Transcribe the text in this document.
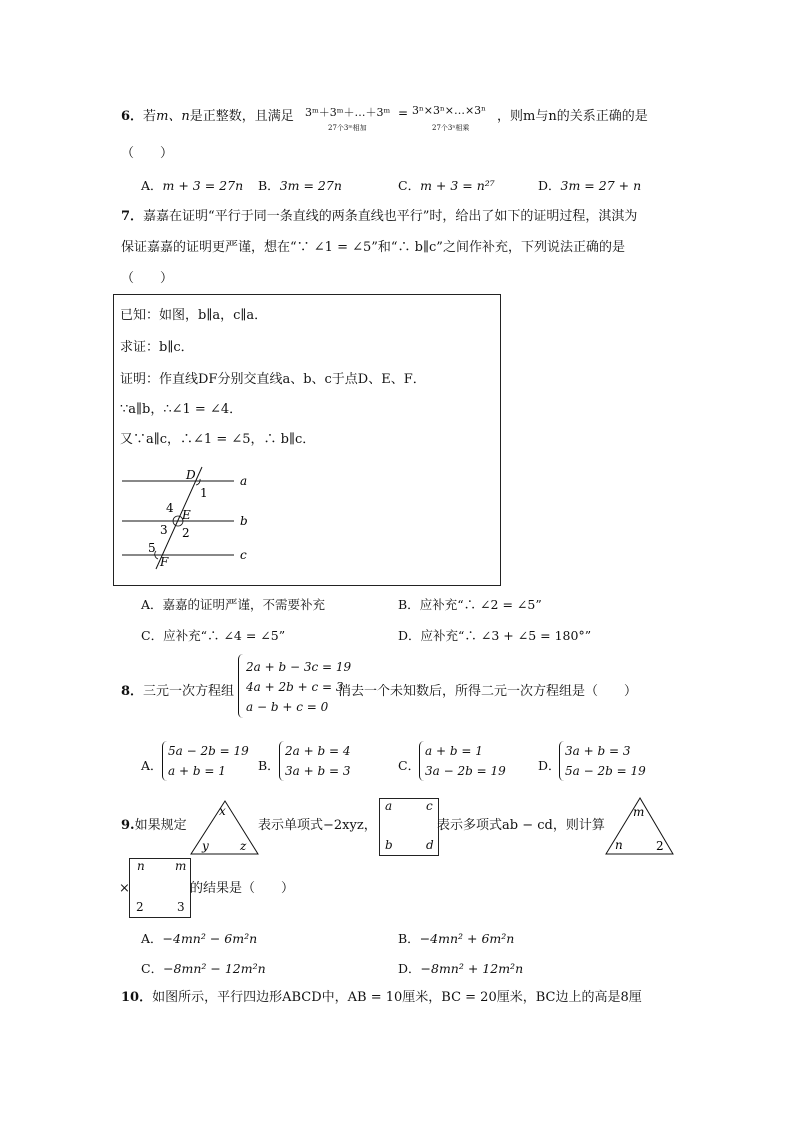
6．若m、n是正整数，且满足 3ᵐ＋3ᵐ＋…＋3ᵐ
27个3ᵐ相加
= 3ⁿ×3ⁿ×…×3ⁿ
27个3ⁿ相乘
，则m与n的关系正确的是
（　　）
A．m + 3 = 27n B．3m = 27n	C．m + 3 = n²⁷	D．3m = 27 + n
7．嘉嘉在证明“平行于同一条直线的两条直线也平行”时，给出了如下的证明过程，淇淇为
保证嘉嘉的证明更严谨，想在“∵ ∠1 = ∠5”和“∴ b∥c”之间作补充，下列说法正确的是
（　　）
已知：如图，b∥a，c∥a．
求证：b∥c．
证明：作直线DF分别交直线a、b、c于点D、E、F．
∵a∥b，∴∠1 = ∠4．
又∵a∥c，∴∠1 = ∠5，∴ b∥c．
D
E
F
a
b
c
1
2
3
4
5
A．嘉嘉的证明严谨，不需要补充	B．应补充“∴ ∠2 = ∠5”
C．应补充“∴ ∠4 = ∠5”	D．应补充“∴ ∠3 + ∠5 = 180°”
8．三元一次方程组
2a + b − 3c = 19
4a + 2b + c = 3
a − b + c = 0
消去一个未知数后，所得二元一次方程组是（　　）
A．
5a − 2b = 19
a + b = 1	B．
2a + b = 4
3a + b = 3	C．
a + b = 1
3a − 2b = 19	D．
3a + b = 3
5a − 2b = 19
9.如果规定
x
y	z
表示单项式−2xyz，
a	c
b	d
表示多项式ab − cd，则计算
m
n	2
×
n	m
2	3
的结果是（　　）
A．−4mn² − 6m²n	B．−4mn² + 6m²n
C．−8mn² − 12m²n	D．−8mn² + 12m²n
10．如图所示，平行四边形ABCD中，AB = 10厘米，BC = 20厘米，BC边上的高是8厘
